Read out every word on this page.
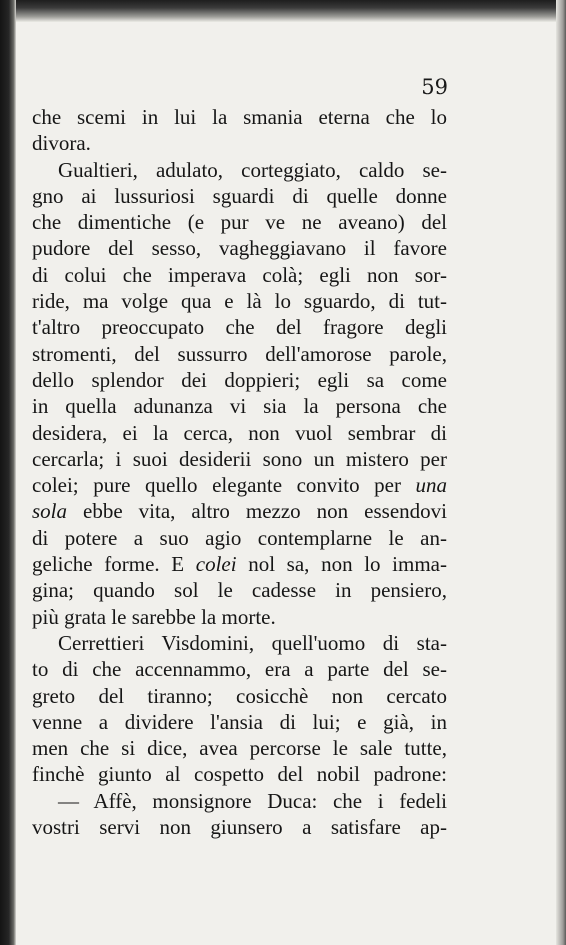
59
che scemi in lui la smania eterna che lo
divora.
Gualtieri, adulato, corteggiato, caldo se-
gno ai lussuriosi sguardi di quelle donne
che dimentiche (e pur ve ne aveano) del
pudore del sesso, vagheggiavano il favore
di colui che imperava colà; egli non sor-
ride, ma volge qua e là lo sguardo, di tut-
t'altro preoccupato che del fragore degli
stromenti, del sussurro dell'amorose parole,
dello splendor dei doppieri; egli sa come
in quella adunanza vi sia la persona che
desidera, ei la cerca, non vuol sembrar di
cercarla; i suoi desiderii sono un mistero per
colei; pure quello elegante convito per una
sola ebbe vita, altro mezzo non essendovi
di potere a suo agio contemplarne le an-
geliche forme. E colei nol sa, non lo imma-
gina; quando sol le cadesse in pensiero,
più grata le sarebbe la morte.
Cerrettieri Visdomini, quell'uomo di sta-
to di che accennammo, era a parte del se-
greto del tiranno; cosicchè non cercato
venne a dividere l'ansia di lui; e già, in
men che si dice, avea percorse le sale tutte,
finchè giunto al cospetto del nobil padrone:
— Affè, monsignore Duca: che i fedeli
vostri servi non giunsero a satisfare ap-
